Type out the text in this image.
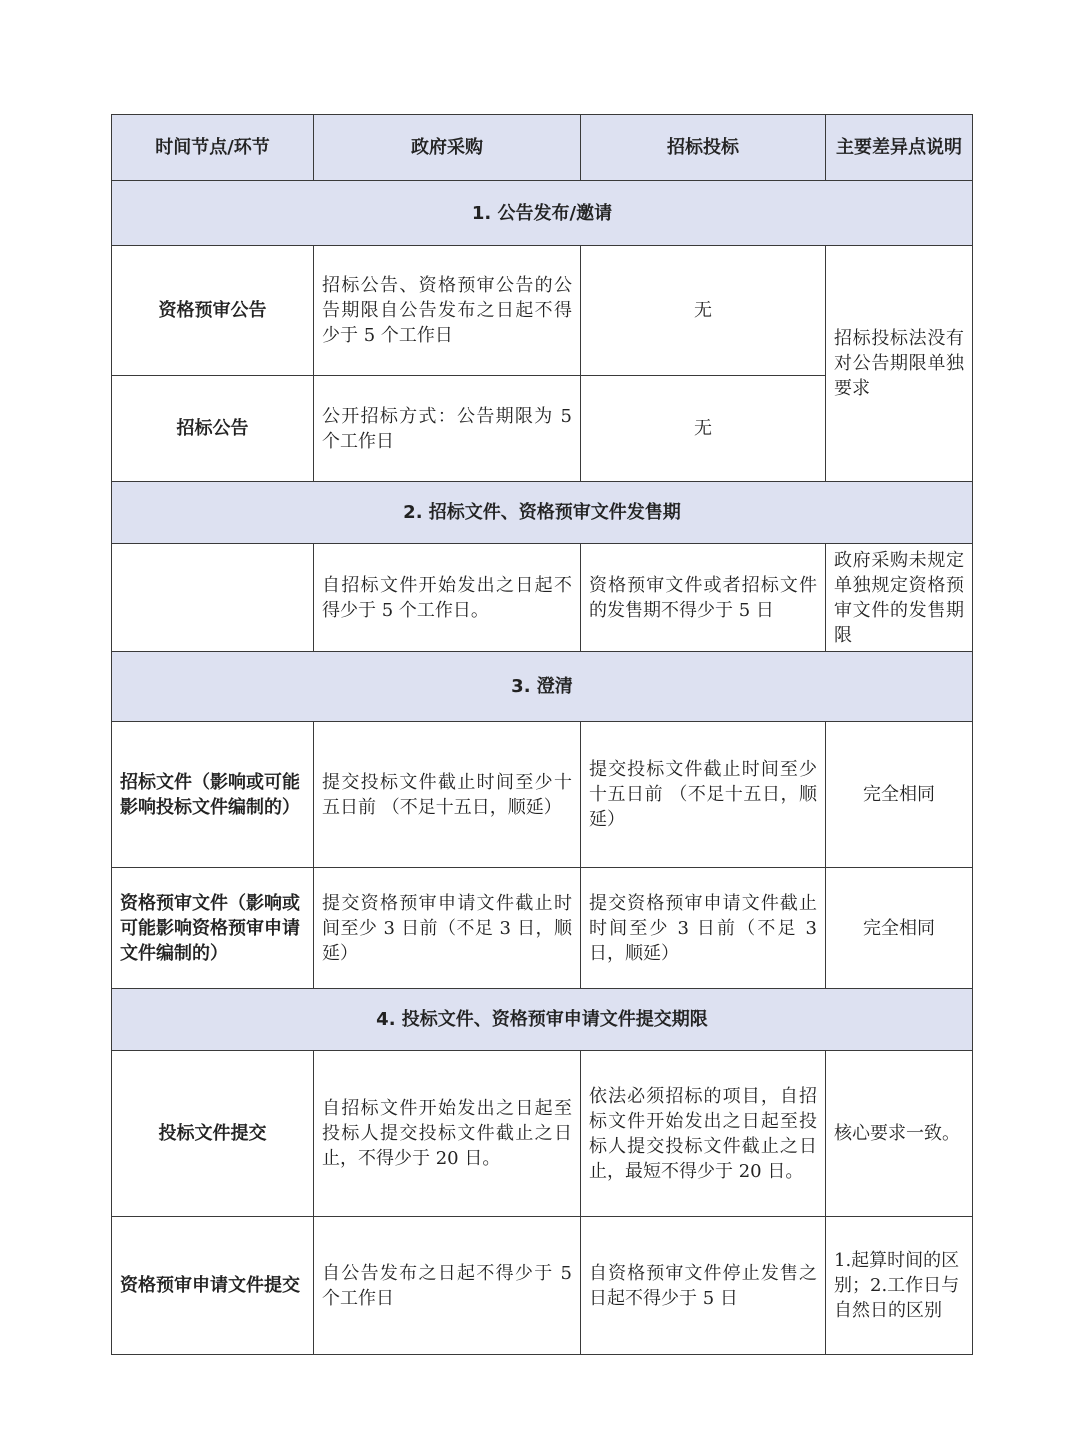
时间节点/环节	政府采购	招标投标	主要差异点说明
1. 公告发布/邀请			
资格预审公告	招标公告、资格预审公告的公告期限自公告发布之日起不得少于 5 个工作日	无	招标投标法没有对公告期限单独要求
招标公告	公开招标方式：公告期限为 5 个工作日	无	
2. 招标文件、资格预审文件发售期			
	自招标文件开始发出之日起不得少于 5 个工作日。	资格预审文件或者招标文件的发售期不得少于 5 日	政府采购未规定单独规定资格预审文件的发售期限
3. 澄清			
招标文件（影响或可能影响投标文件编制的）	提交投标文件截止时间至少十五日前 （不足十五日，顺延）	提交投标文件截止时间至少十五日前 （不足十五日，顺延）	完全相同
资格预审文件（影响或可能影响资格预审申请文件编制的）	提交资格预审申请文件截止时间至少 3 日前（不足 3 日，顺延）	提交资格预审申请文件截止时间至少 3 日前（不足 3 日，顺延）	完全相同
4. 投标文件、资格预审申请文件提交期限			
投标文件提交	自招标文件开始发出之日起至投标人提交投标文件截止之日止，不得少于 20 日。	依法必须招标的项目，自招标文件开始发出之日起至投标人提交投标文件截止之日止，最短不得少于 20 日。	核心要求一致。
资格预审申请文件提交	自公告发布之日起不得少于 5 个工作日	自资格预审文件停止发售之日起不得少于 5 日	1.起算时间的区别；2.工作日与自然日的区别
